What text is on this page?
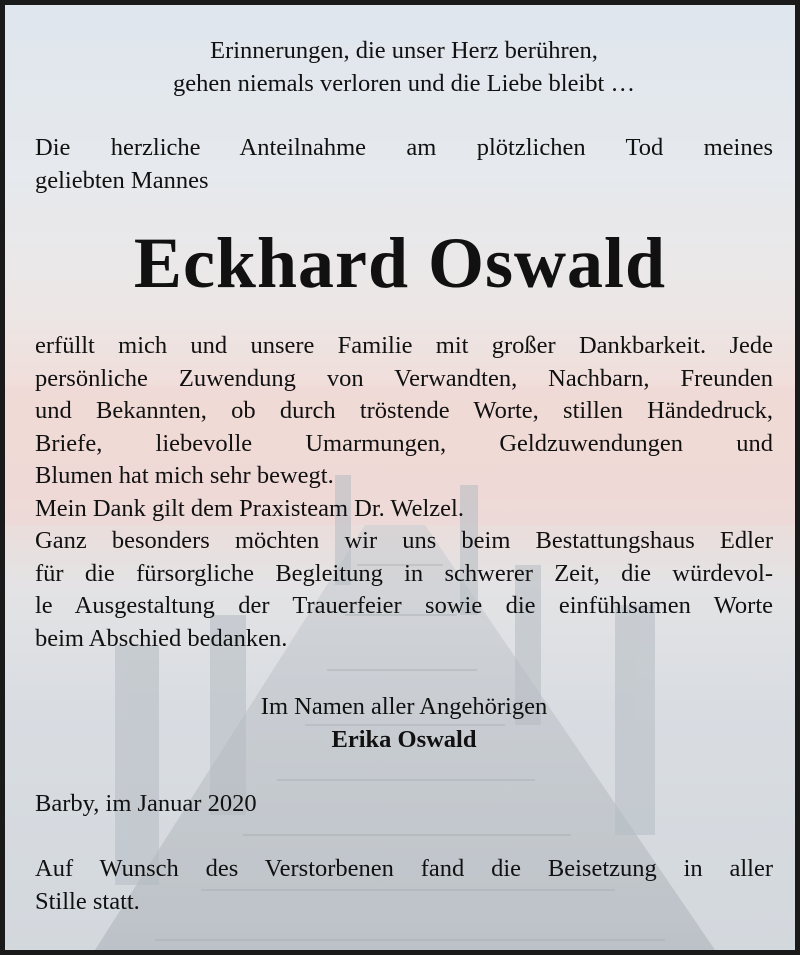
Erinnerungen, die unser Herz berühren,
gehen niemals verloren und die Liebe bleibt …

Die herzliche Anteilnahme am plötzlichen Tod meines
geliebten Mannes

Eckhard Oswald

erfüllt mich und unsere Familie mit großer Dankbarkeit. Jede
persönliche Zuwendung von Verwandten, Nachbarn, Freunden
und Bekannten, ob durch tröstende Worte, stillen Händedruck,
Briefe, liebevolle Umarmungen, Geldzuwendungen und
Blumen hat mich sehr bewegt.
Mein Dank gilt dem Praxisteam Dr. Welzel.
Ganz besonders möchten wir uns beim Bestattungshaus Edler
für die fürsorgliche Begleitung in schwerer Zeit, die würdevol-
le Ausgestaltung der Trauerfeier sowie die einfühlsamen Worte
beim Abschied bedanken.

Im Namen aller Angehörigen
Erika Oswald

Barby, im Januar 2020

Auf Wunsch des Verstorbenen fand die Beisetzung in aller
Stille statt.
